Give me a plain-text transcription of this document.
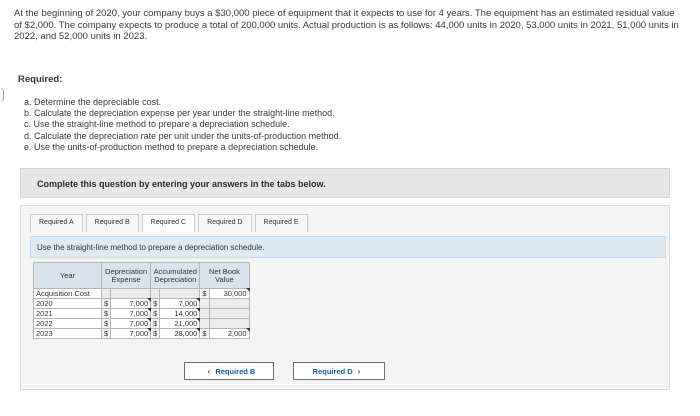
At the beginning of 2020, your company buys a $30,000 piece of equipment that it expects to use for 4 years. The equipment has an estimated residual value of $2,000. The company expects to produce a total of 200,000 units. Actual production is as follows: 44,000 units in 2020, 53,000 units in 2021, 51,000 units in 2022, and 52,000 units in 2023.

Required:
a. Determine the depreciable cost.
b. Calculate the depreciation expense per year under the straight-line method.
c. Use the straight-line method to prepare a depreciation schedule.
d. Calculate the depreciation rate per unit under the units-of-production method.
e. Use the units-of-production method to prepare a depreciation schedule.
Complete this question by entering your answers in the tabs below.
Required A	Required B	Required C	Required D	Required E
Use the straight-line method to prepare a depreciation schedule.
Year	Depreciation Expense		Accumulated Depreciation		Net Book Value	
Acquisition Cost					$	30,000
2020	$	7,000	$	7,000		
2021	$	7,000	$	14,000		
2022	$	7,000	$	21,000		
2023	$	7,000	$	28,000	$	2,000
‹ Required B	Required D ›
